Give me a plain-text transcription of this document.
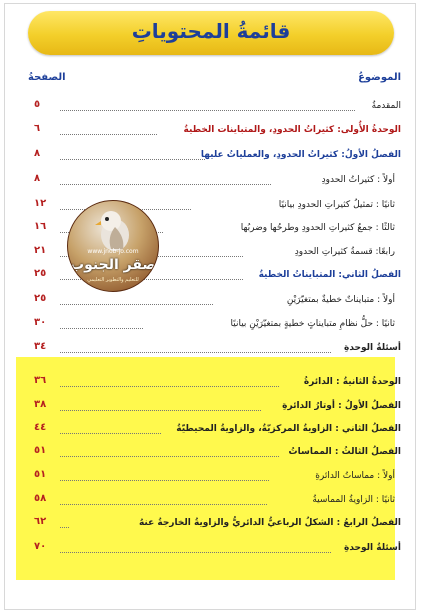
قائمةُ المحتوياتِ
الموضوعُ
الصفحةُ
المقدمةُ
٥
الوحدةُ الأُولى: كثيراتُ الحدودِ، والمتباينات الخطيةُ
٦
الفصلُ الأولُ: كثيراتُ الحدودِ، والعملياتُ عليها
٨
أولاً : كثيراتُ الحدودِ
٨
ثانيًا : تمثيلُ كثيراتِ الحدودِ بيانيًا
١٢
ثالثًا : جمعُ كثيراتِ الحدودِ وطرحُها وضربُها
١٦
رابعًا: قسمةُ كثيراتِ الحدودِ
٢١
الفصلُ الثاني: المتبايناتُ الخطيةُ
٢٥
أولاً : متبايناتٌ خطيةٌ بمتغيّرَيْنِ
٢٥
ثانيًا : حلُّ نظامِ متبايناتٍ خطيةٍ بمتغيّرَيْنِ بيانيًا
٣٠
أسئلةُ الوحدةِ
٣٤
الوحدةُ الثانيةُ : الدائرةُ
٣٦
الفصلُ الأولُ : أوتارُ الدائرةِ
٣٨
الفصلُ الثاني : الزاويةُ المركزيّةُ، والزاويةُ المحيطيّةُ
٤٤
الفصلُ الثالثُ : المماساتُ
٥١
أولاً : مماساتُ الدائرةِ
٥١
ثانيًا : الزاويةُ المماسيةُ
٥٨
الفصلُ الرابعُ : الشكلُ الرباعيُّ الدائريُّ والزاويةُ الخارجةُ عنهُ
٦٢
أسئلةُ الوحدةِ
٧٠
www.jnob-jo.com
صقر الجنوب
للتعليم والتطوير التعليمي
